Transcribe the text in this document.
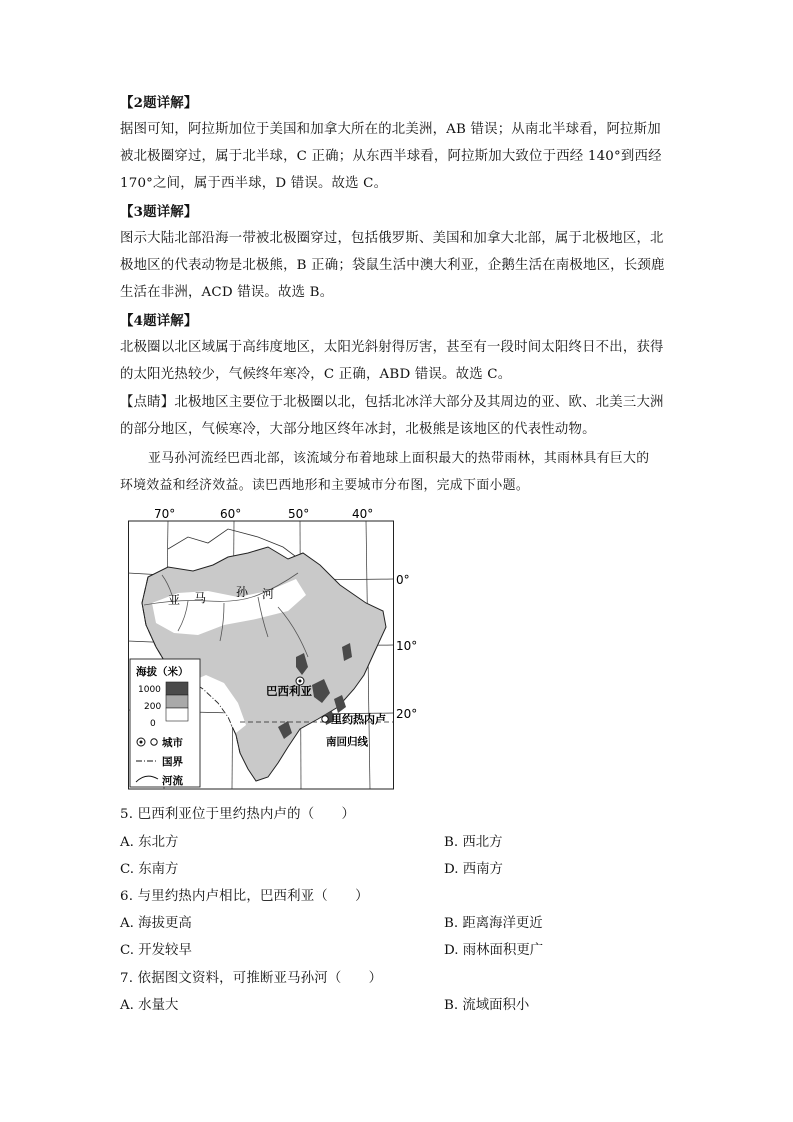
【2题详解】
据图可知，阿拉斯加位于美国和加拿大所在的北美洲，AB 错误；从南北半球看，阿拉斯加
被北极圈穿过，属于北半球，C 正确；从东西半球看，阿拉斯加大致位于西经 140°到西经
170°之间，属于西半球，D 错误。故选 C。
【3题详解】
图示大陆北部沿海一带被北极圈穿过，包括俄罗斯、美国和加拿大北部，属于北极地区，北
极地区的代表动物是北极熊，B 正确；袋鼠生活中澳大利亚，企鹅生活在南极地区，长颈鹿
生活在非洲，ACD 错误。故选 B。
【4题详解】
北极圈以北区域属于高纬度地区，太阳光斜射得厉害，甚至有一段时间太阳终日不出，获得
的太阳光热较少，气候终年寒冷，C 正确，ABD 错误。故选 C。
【点睛】北极地区主要位于北极圈以北，包括北冰洋大部分及其周边的亚、欧、北美三大洲
的部分地区，气候寒冷，大部分地区终年冰封，北极熊是该地区的代表性动物。
亚马孙河流经巴西北部，该流域分布着地球上面积最大的热带雨林，其雨林具有巨大的
环境效益和经济效益。读巴西地形和主要城市分布图，完成下面小题。
70°	60°	50°	40°
0°
10°
20°
亚 马 孙 河
巴西利亚
里约热内卢
南回归线
海拔（米）
1000
200
0
城市
国界
河流
5. 巴西利亚位于里约热内卢的（　　）
A. 东北方	B. 西北方
C. 东南方	D. 西南方
6. 与里约热内卢相比，巴西利亚（　　）
A. 海拔更高	B. 距离海洋更近
C. 开发较早	D. 雨林面积更广
7. 依据图文资料，可推断亚马孙河（　　）
A. 水量大	B. 流域面积小
